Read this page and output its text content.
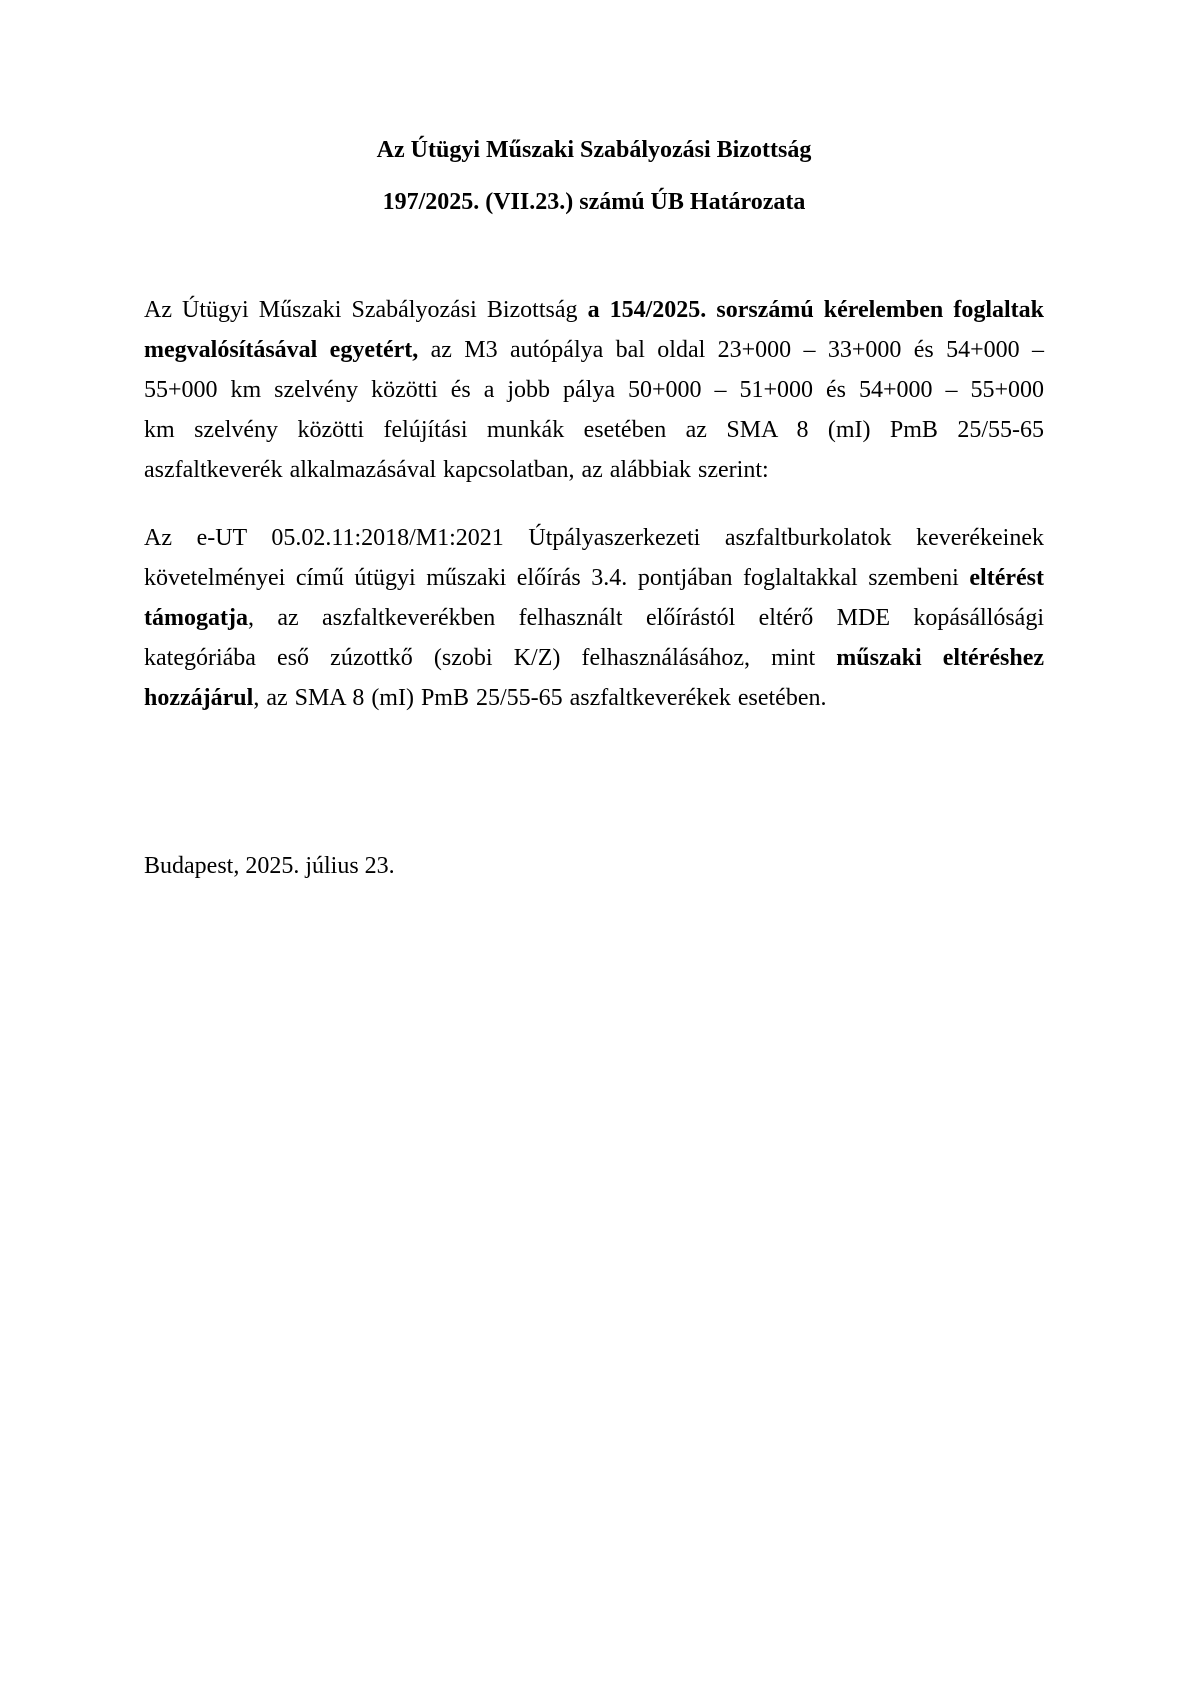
Az Útügyi Műszaki Szabályozási Bizottság

197/2025. (VII.23.) számú ÚB Határozata

Az Útügyi Műszaki Szabályozási Bizottság a 154/2025. sorszámú kérelemben foglaltak megvalósításával egyetért, az M3 autópálya bal oldal 23+000 – 33+000 és 54+000 – 55+000 km szelvény közötti és a jobb pálya 50+000 – 51+000 és 54+000 – 55+000 km szelvény közötti felújítási munkák esetében az SMA 8 (mI) PmB 25/55-65 aszfaltkeverék alkalmazásával kapcsolatban, az alábbiak szerint:

Az e-UT 05.02.11:2018/M1:2021 Útpályaszerkezeti aszfaltburkolatok keverékeinek követelményei című útügyi műszaki előírás 3.4. pontjában foglaltakkal szembeni eltérést támogatja, az aszfaltkeverékben felhasznált előírástól eltérő MDE kopásállósági kategóriába eső zúzottkő (szobi K/Z) felhasználásához, mint műszaki eltéréshez hozzájárul, az SMA 8 (mI) PmB 25/55-65 aszfaltkeverékek esetében.

Budapest, 2025. július 23.
